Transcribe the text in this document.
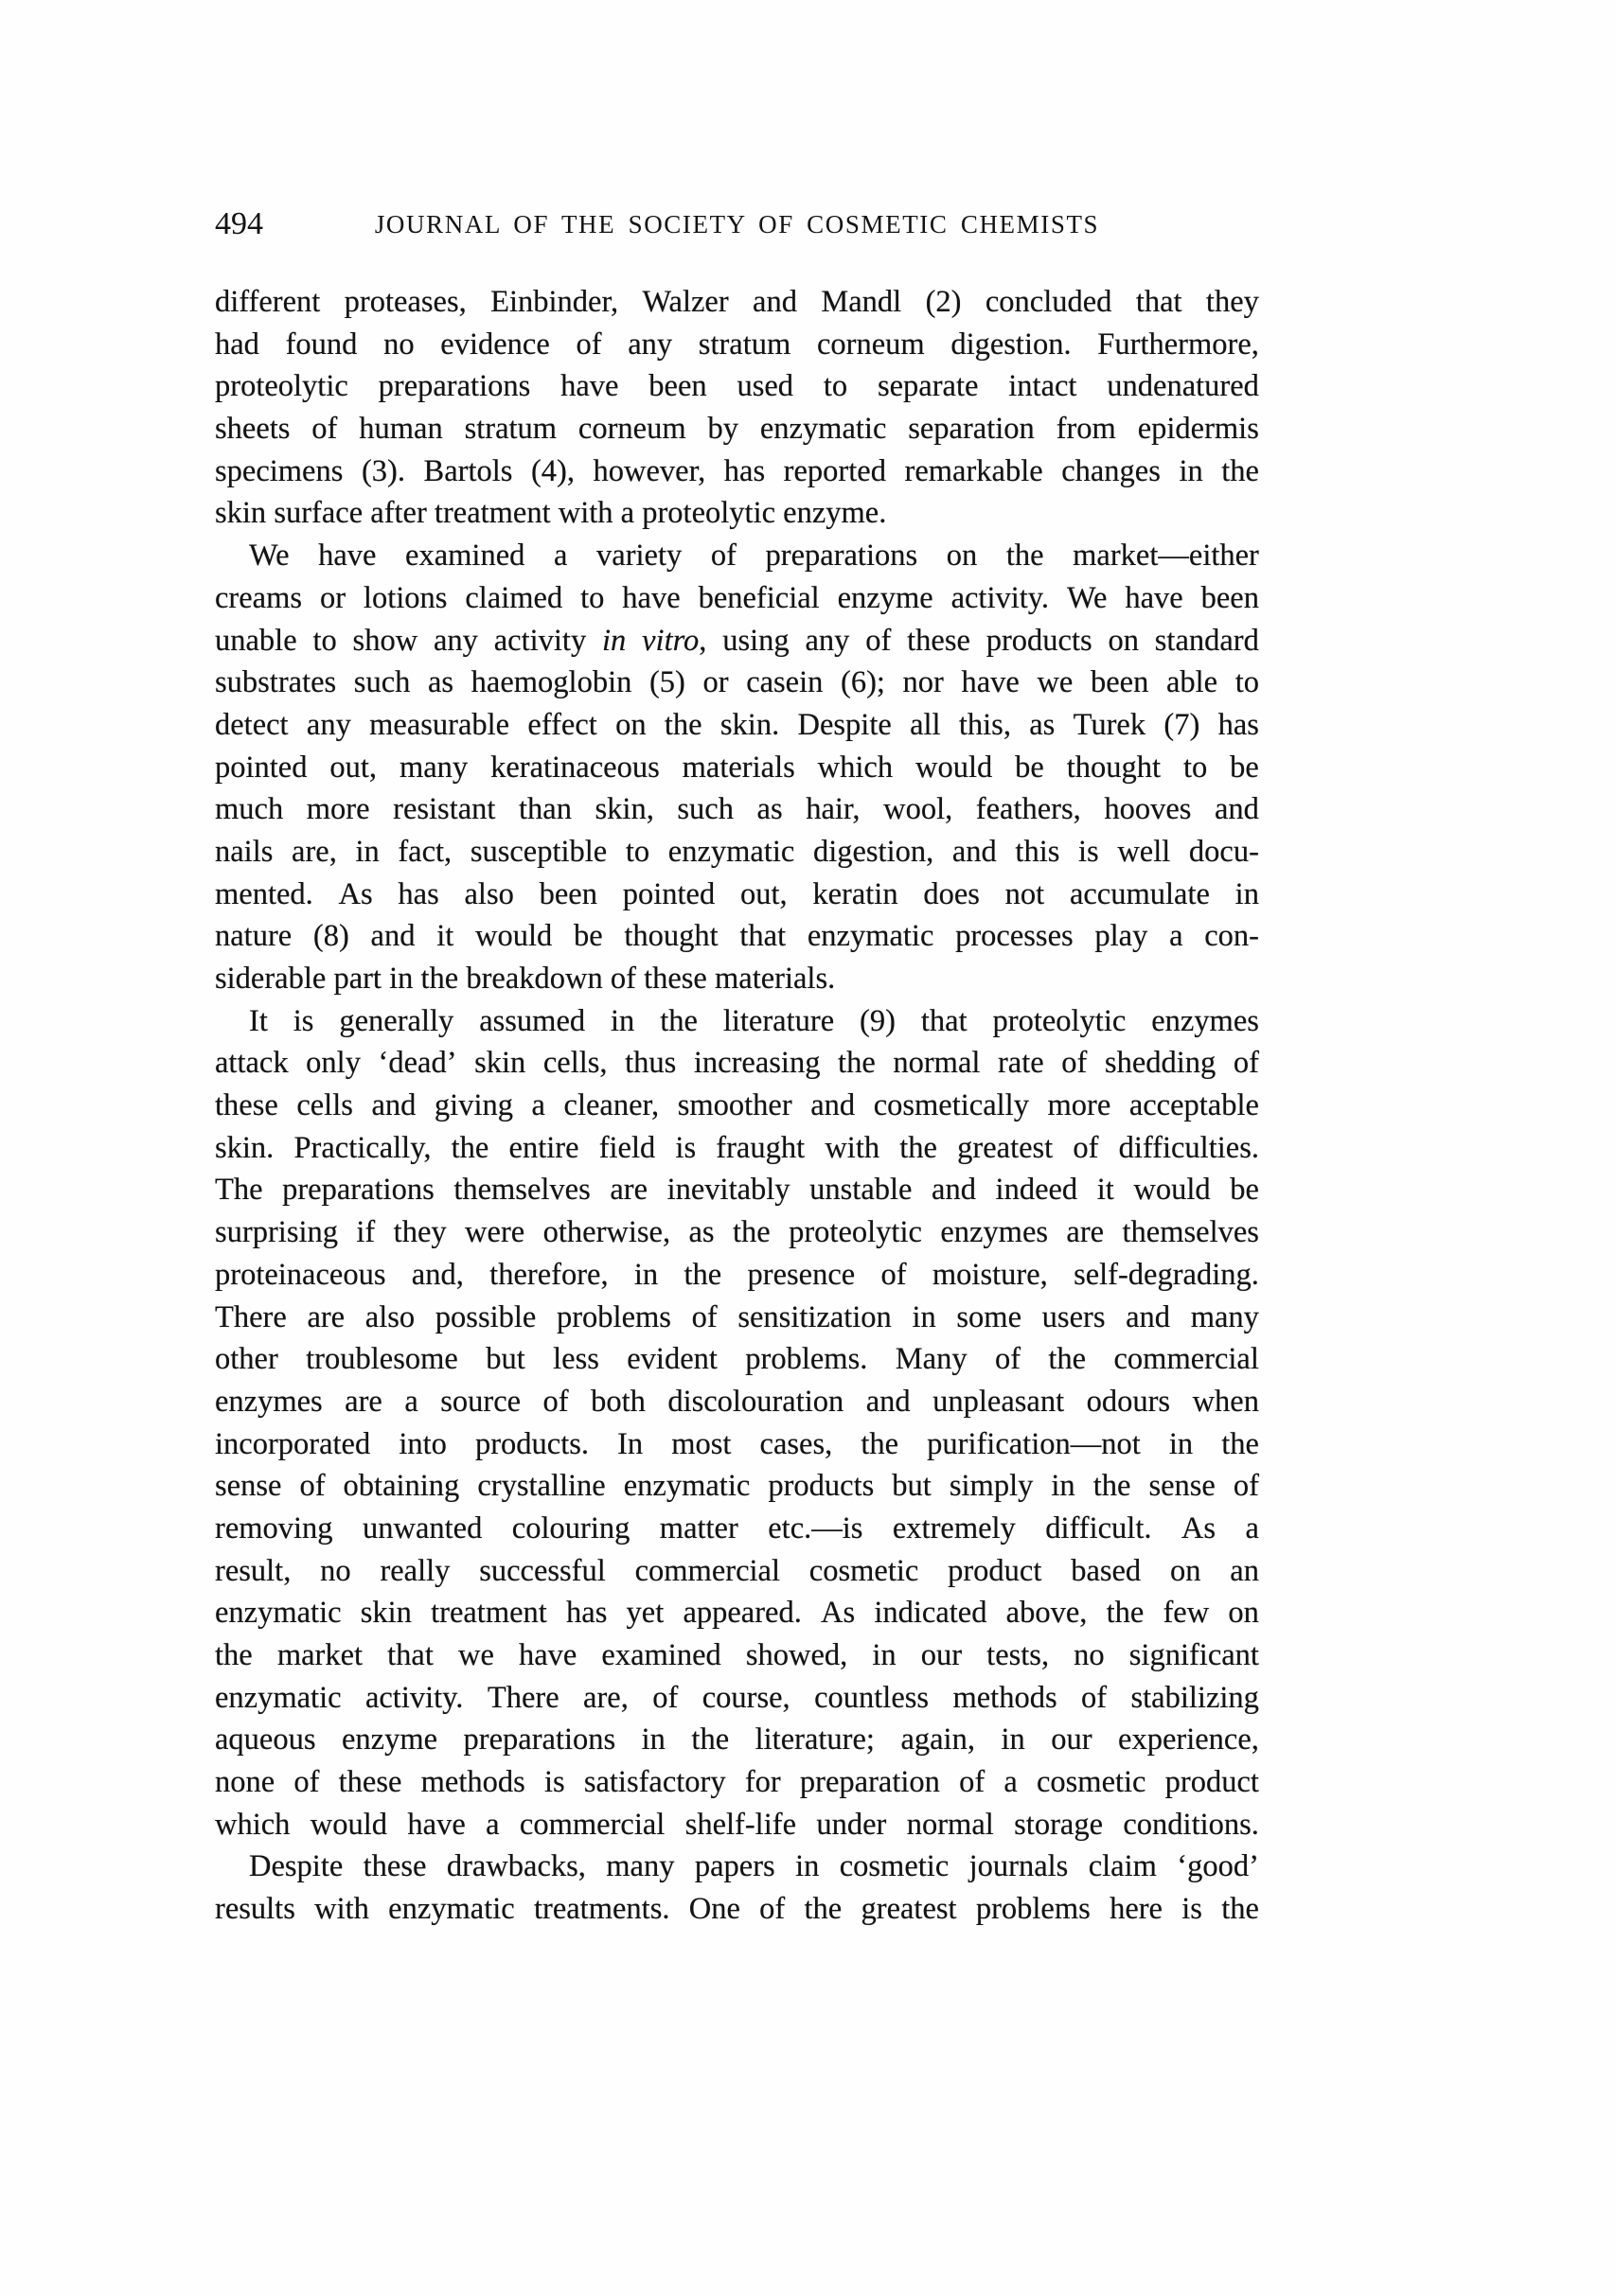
494	JOURNAL OF THE SOCIETY OF COSMETIC CHEMISTS
different proteases, Einbinder, Walzer and Mandl (2) concluded that they
had found no evidence of any stratum corneum digestion. Furthermore,
proteolytic preparations have been used to separate intact undenatured
sheets of human stratum corneum by enzymatic separation from epidermis
specimens (3). Bartols (4), however, has reported remarkable changes in the
skin surface after treatment with a proteolytic enzyme.
We have examined a variety of preparations on the market—either
creams or lotions claimed to have beneficial enzyme activity. We have been
unable to show any activity in vitro, using any of these products on standard
substrates such as haemoglobin (5) or casein (6); nor have we been able to
detect any measurable effect on the skin. Despite all this, as Turek (7) has
pointed out, many keratinaceous materials which would be thought to be
much more resistant than skin, such as hair, wool, feathers, hooves and
nails are, in fact, susceptible to enzymatic digestion, and this is well docu-
mented. As has also been pointed out, keratin does not accumulate in
nature (8) and it would be thought that enzymatic processes play a con-
siderable part in the breakdown of these materials.
It is generally assumed in the literature (9) that proteolytic enzymes
attack only ‘dead’ skin cells, thus increasing the normal rate of shedding of
these cells and giving a cleaner, smoother and cosmetically more acceptable
skin. Practically, the entire field is fraught with the greatest of difficulties.
The preparations themselves are inevitably unstable and indeed it would be
surprising if they were otherwise, as the proteolytic enzymes are themselves
proteinaceous and, therefore, in the presence of moisture, self-degrading.
There are also possible problems of sensitization in some users and many
other troublesome but less evident problems. Many of the commercial
enzymes are a source of both discolouration and unpleasant odours when
incorporated into products. In most cases, the purification—not in the
sense of obtaining crystalline enzymatic products but simply in the sense of
removing unwanted colouring matter etc.—is extremely difficult. As a
result, no really successful commercial cosmetic product based on an
enzymatic skin treatment has yet appeared. As indicated above, the few on
the market that we have examined showed, in our tests, no significant
enzymatic activity. There are, of course, countless methods of stabilizing
aqueous enzyme preparations in the literature; again, in our experience,
none of these methods is satisfactory for preparation of a cosmetic product
which would have a commercial shelf-life under normal storage conditions.
Despite these drawbacks, many papers in cosmetic journals claim ‘good’
results with enzymatic treatments. One of the greatest problems here is the
